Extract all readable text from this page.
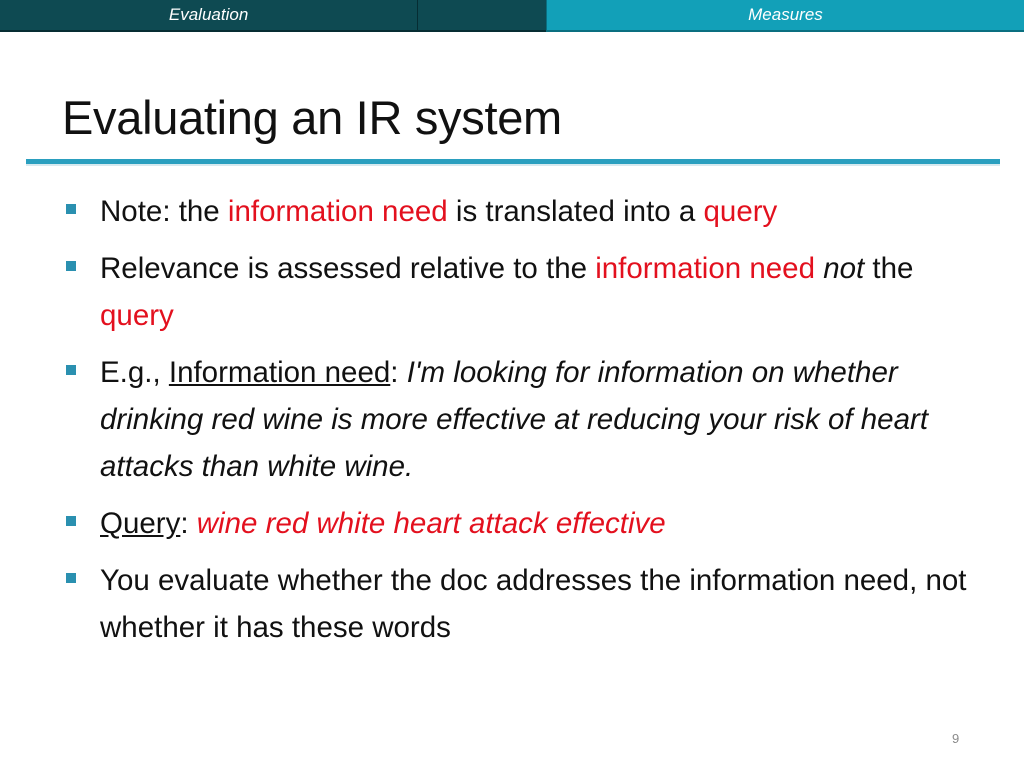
Evaluation	Measures
Evaluating an IR system
Note: the information need is translated into a query
Relevance is assessed relative to the information need not the query
E.g., Information need: I'm looking for information on whether drinking red wine is more effective at reducing your risk of heart attacks than white wine.
Query: wine red white heart attack effective
You evaluate whether the doc addresses the information need, not whether it has these words
9
